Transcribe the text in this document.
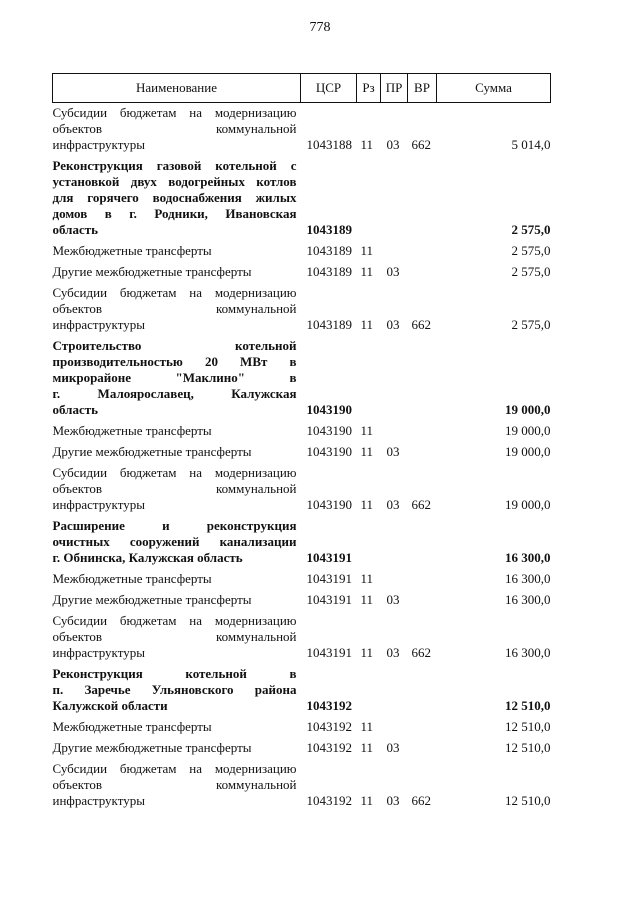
778
Наименование	ЦСР	Рз	ПР	ВР	Сумма

Субсидии бюджетам на модернизацию
объектов коммунальной
инфраструктуры	1043188	11	03	662	5 014,0

Реконструкция газовой котельной с
установкой двух водогрейных котлов
для горячего водоснабжения жилых
домов в г. Родники, Ивановская
область	1043189				2 575,0

Межбюджетные трансферты	1043189	11			2 575,0

Другие межбюджетные трансферты	1043189	11	03		2 575,0

Субсидии бюджетам на модернизацию
объектов коммунальной
инфраструктуры	1043189	11	03	662	2 575,0

Строительство котельной
производительностью 20 МВт в
микрорайоне "Маклино" в
г. Малоярославец, Калужская
область	1043190				19 000,0

Межбюджетные трансферты	1043190	11			19 000,0

Другие межбюджетные трансферты	1043190	11	03		19 000,0

Субсидии бюджетам на модернизацию
объектов коммунальной
инфраструктуры	1043190	11	03	662	19 000,0

Расширение и реконструкция
очистных сооружений канализации
г. Обнинска, Калужская область	1043191				16 300,0

Межбюджетные трансферты	1043191	11			16 300,0

Другие межбюджетные трансферты	1043191	11	03		16 300,0

Субсидии бюджетам на модернизацию
объектов коммунальной
инфраструктуры	1043191	11	03	662	16 300,0

Реконструкция котельной в
п. Заречье Ульяновского района
Калужской области	1043192				12 510,0

Межбюджетные трансферты	1043192	11			12 510,0

Другие межбюджетные трансферты	1043192	11	03		12 510,0

Субсидии бюджетам на модернизацию
объектов коммунальной
инфраструктуры	1043192	11	03	662	12 510,0
